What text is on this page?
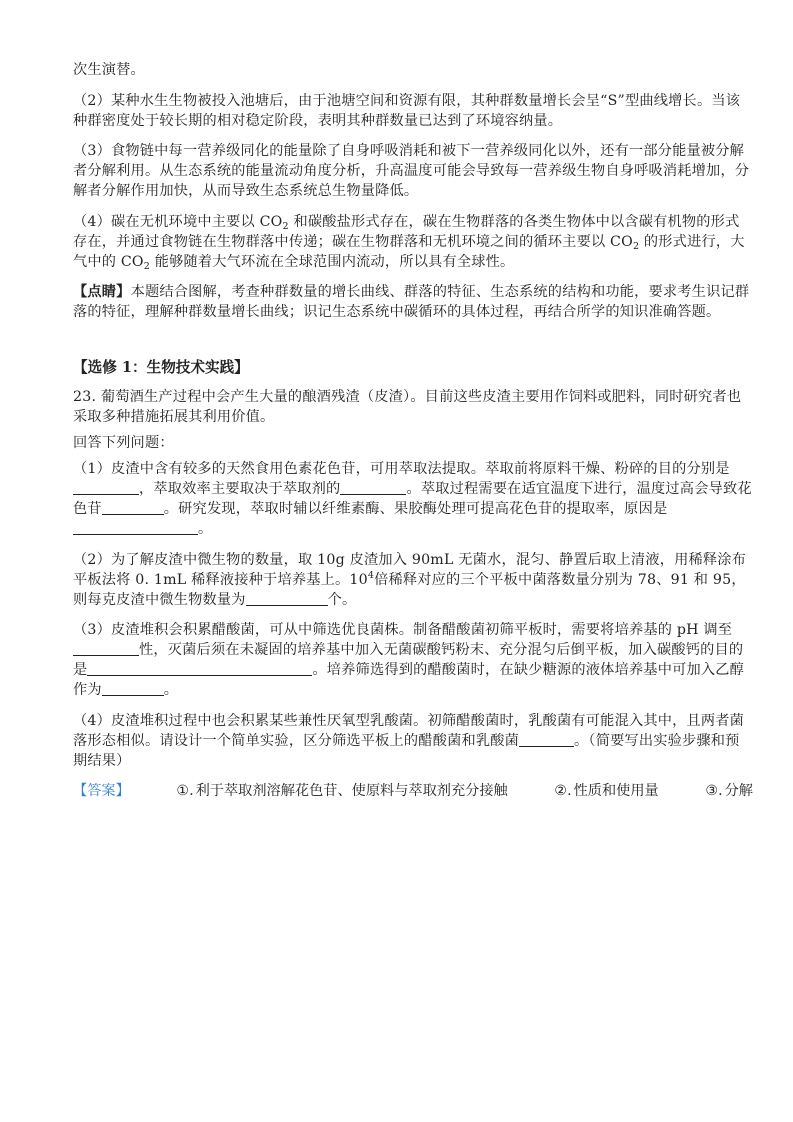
次生演替。

（2）某种水生生物被投入池塘后，由于池塘空间和资源有限，其种群数量增长会呈“S”型曲线增长。当该种群密度处于较长期的相对稳定阶段，表明其种群数量已达到了环境容纳量。

（3）食物链中每一营养级同化的能量除了自身呼吸消耗和被下一营养级同化以外，还有一部分能量被分解者分解利用。从生态系统的能量流动角度分析，升高温度可能会导致每一营养级生物自身呼吸消耗增加，分解者分解作用加快，从而导致生态系统总生物量降低。

（4）碳在无机环境中主要以 $CO_2$ 和碳酸盐形式存在，碳在生物群落的各类生物体中以含碳有机物的形式存在，并通过食物链在生物群落中传递；碳在生物群落和无机环境之间的循环主要以 $CO_2$ 的形式进行，大气中的 $CO_2$ 能够随着大气环流在全球范围内流动，所以具有全球性。

【点睛】本题结合图解，考查种群数量的增长曲线、群落的特征、生态系统的结构和功能，要求考生识记群落的特征，理解种群数量增长曲线；识记生态系统中碳循环的具体过程，再结合所学的知识准确答题。

【选修 1：生物技术实践】

23. 葡萄酒生产过程中会产生大量的酿酒残渣（皮渣）。目前这些皮渣主要用作饲料或肥料，同时研究者也采取多种措施拓展其利用价值。

回答下列问题：

（1）皮渣中含有较多的天然食用色素花色苷，可用萃取法提取。萃取前将原料干燥、粉碎的目的分别是
，萃取效率主要取决于萃取剂的	。萃取过程需要在适宜温度下进行，温度过高会导致花色苷	。研究发现，萃取时辅以纤维素酶、果胶酶处理可提高花色苷的提取率，原因是
。

（2）为了解皮渣中微生物的数量，取 10g 皮渣加入 90mL 无菌水，混匀、静置后取上清液，用稀释涂布平板法将 0. 1mL 稀释液接种于培养基上。$10^4$倍稀释对应的三个平板中菌落数量分别为 78、91 和 95，则每克皮渣中微生物数量为	个。

（3）皮渣堆积会积累醋酸菌，可从中筛选优良菌株。制备醋酸菌初筛平板时，需要将培养基的 pH 调至
性，灭菌后须在未凝固的培养基中加入无菌碳酸钙粉末、充分混匀后倒平板，加入碳酸钙的目的是	。培养筛选得到的醋酸菌时，在缺少糖源的液体培养基中可加入乙醇作为	。

（4）皮渣堆积过程中也会积累某些兼性厌氧型乳酸菌。初筛醋酸菌时，乳酸菌有可能混入其中，且两者菌落形态相似。请设计一个简单实验，区分筛选平板上的醋酸菌和乳酸菌	。（简要写出实验步骤和预期结果）

【答案】	①. 利于萃取剂溶解花色苷、使原料与萃取剂充分接触	②. 性质和使用量	③. 分解
